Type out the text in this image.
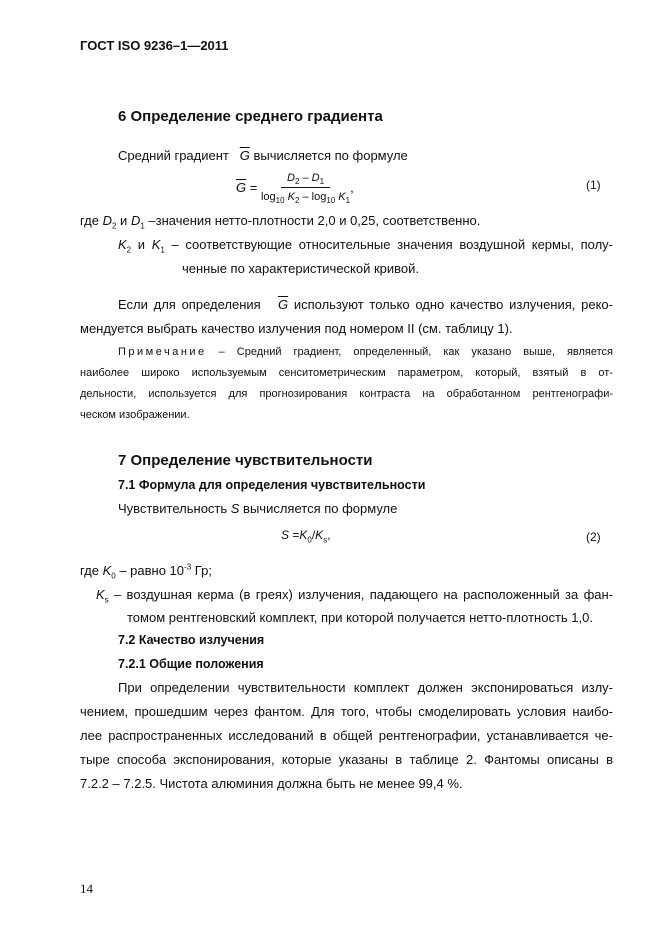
ГОСТ ISO 9236–1—2011
6 Определение среднего градиента
Средний градиент $\overline{G}$ вычисляется по формуле
$\overline{G}$
=
$\frac{D_2 - D_1}{\log_{10} K_2 - \log_{10} K_1}$ ,	(1)
где $D_2$ и $D_1$ –значения нетто-плотности 2,0 и 0,25, соответственно.
$K_2$ и $K_1$ – соответствующие относительные значения воздушной кермы, полу-
ченные по характеристической кривой.
Если для определения $\overline{G}$ используют только одно качество излучения, реко-
мендуется выбрать качество излучения под номером II (см. таблицу 1).
Примечание – Средний градиент, определенный, как указано выше, является
наиболее широко используемым сенситометрическим параметром, который, взятый в от-
дельности, используется для прогнозирования контраста на обработанном рентгенографи-
ческом изображении.
7 Определение чувствительности
7.1 Формула для определения чувствительности
Чувствительность S вычисляется по формуле
$S =K_0/K_s$,	(2)
где $K_0$ – равно $10^{-3}$ Гр;
$K_s$ – воздушная керма (в греях) излучения, падающего на расположенный за фан-
томом рентгеновский комплект, при которой получается нетто-плотность 1,0.
7.2 Качество излучения
7.2.1 Общие положения
При определении чувствительности комплект должен экспонироваться излу-
чением, прошедшим через фантом. Для того, чтобы смоделировать условия наибо-
лее распространенных исследований в общей рентгенографии, устанавливается че-
тыре способа экспонирования, которые указаны в таблице 2. Фантомы описаны в
7.2.2 – 7.2.5. Чистота алюминия должна быть не менее 99,4 %.
14
